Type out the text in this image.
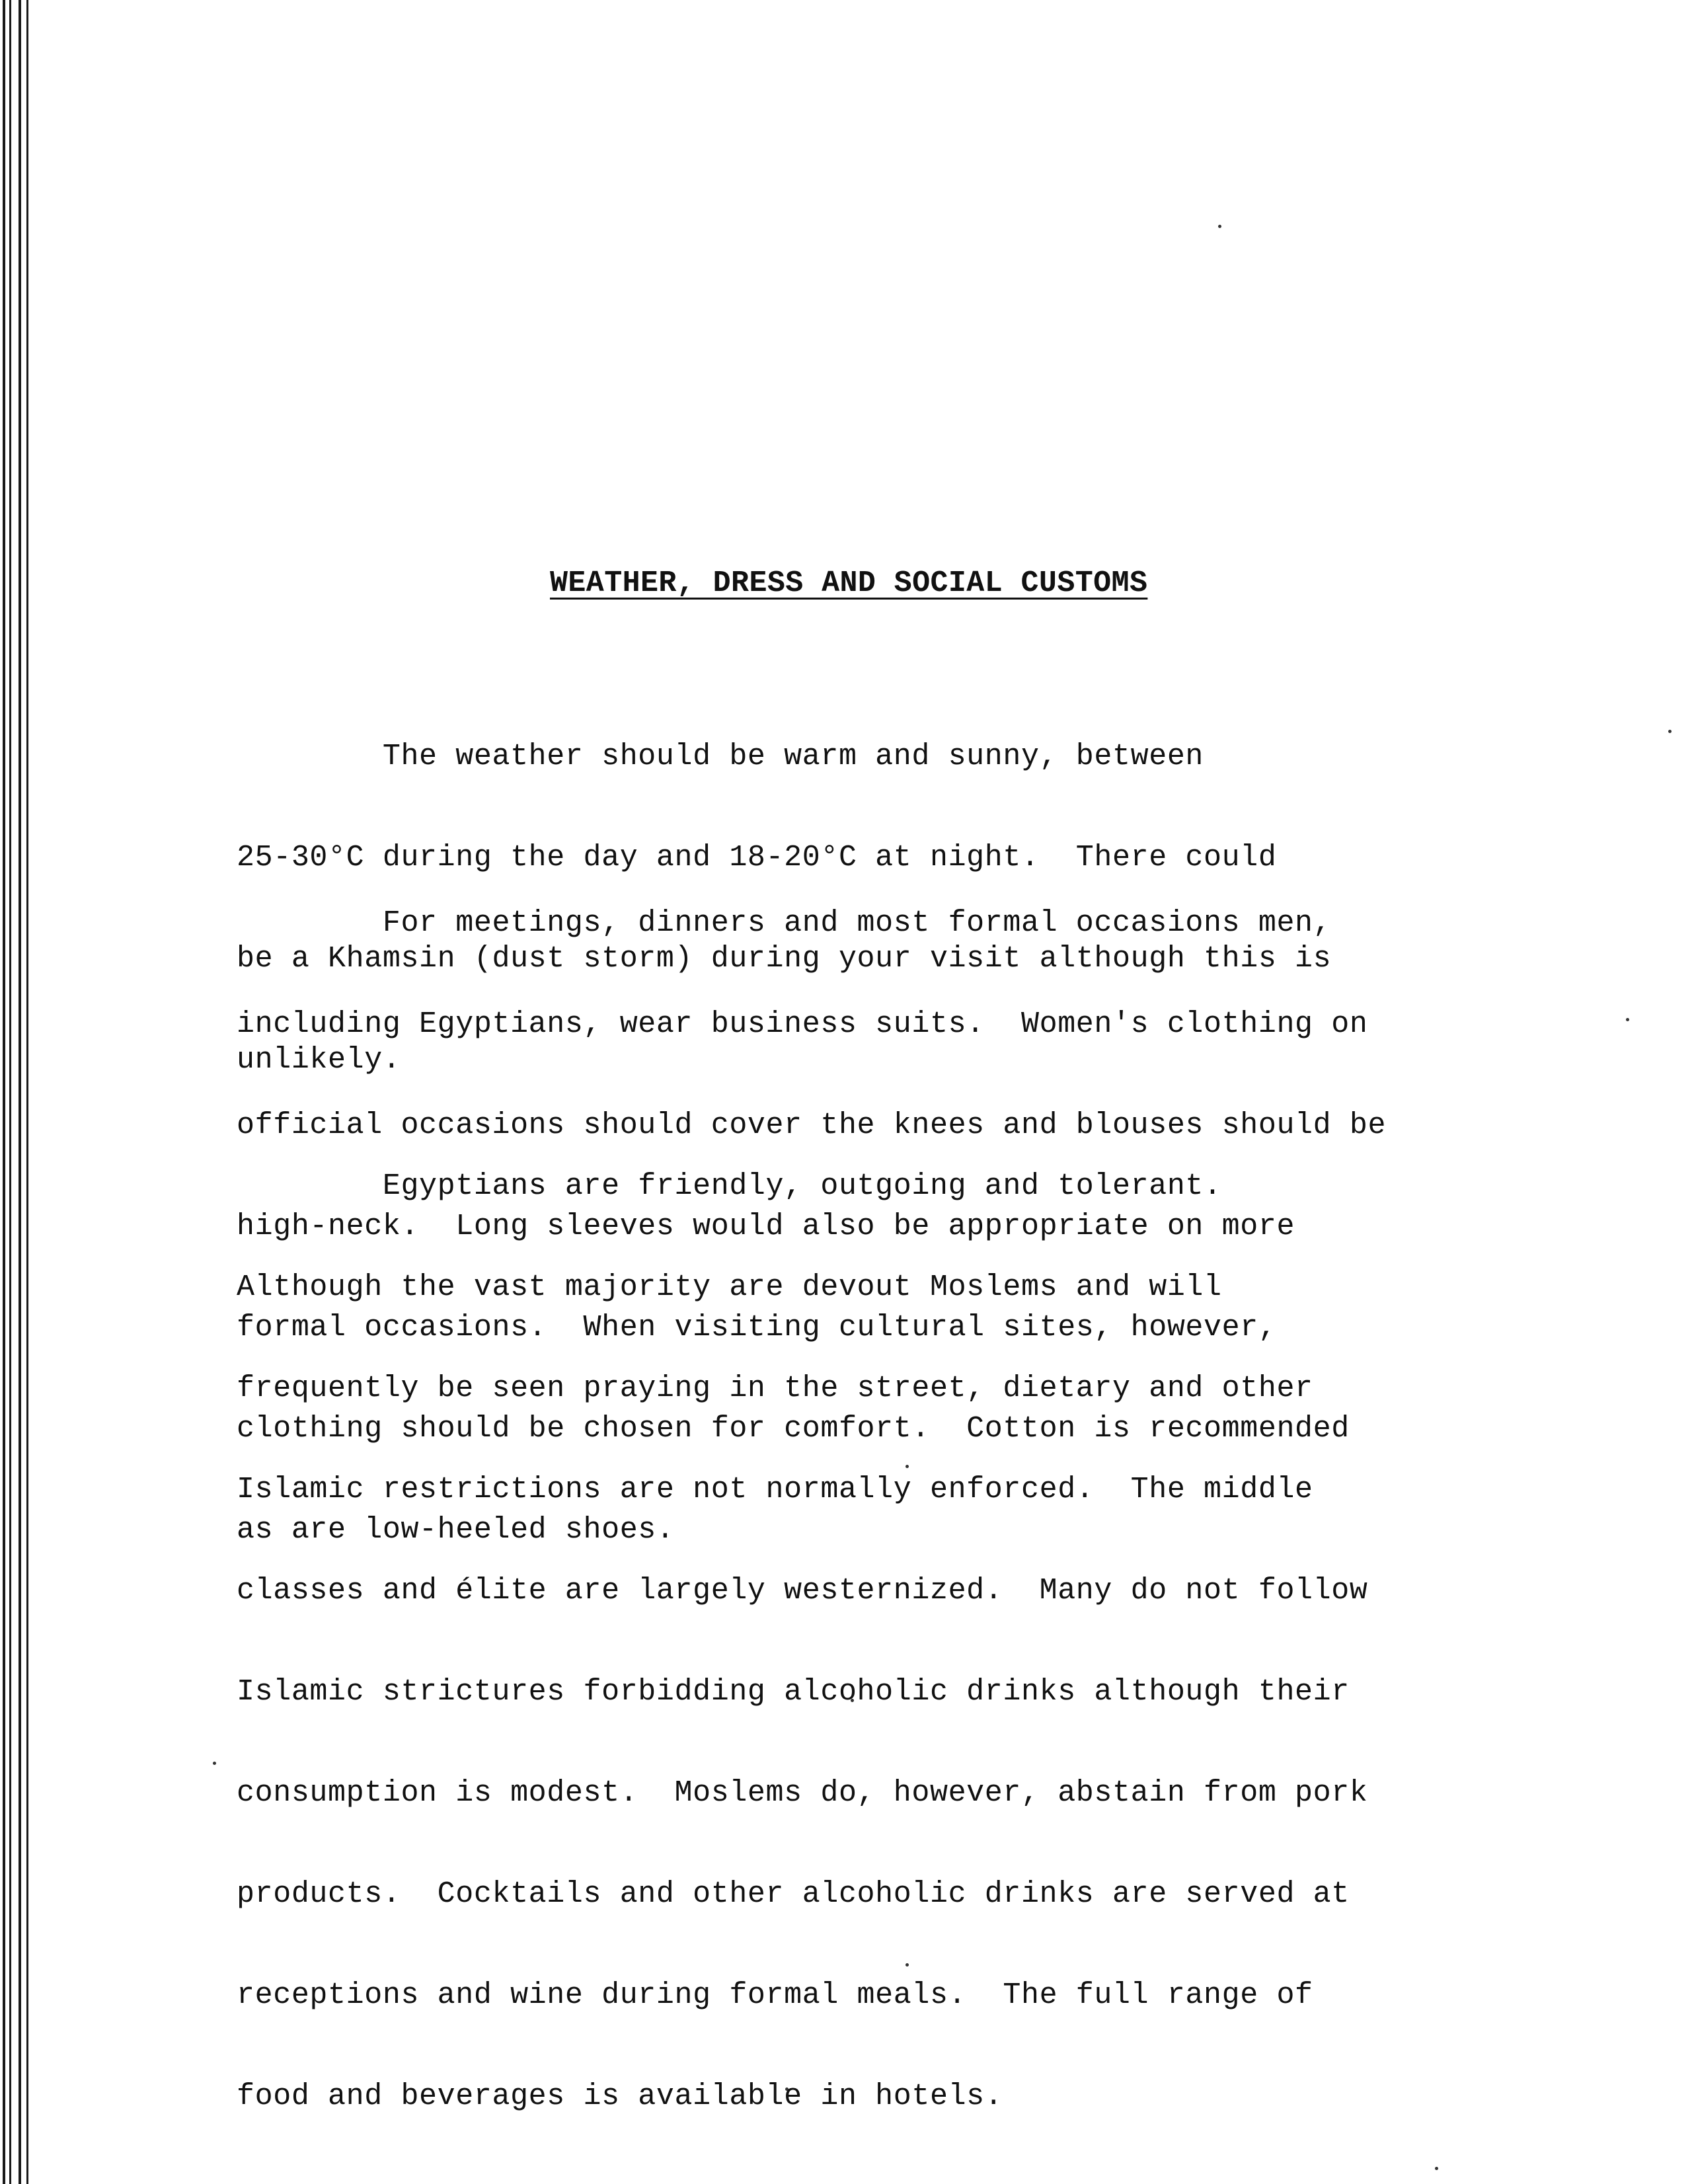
WEATHER, DRESS AND SOCIAL CUSTOMS

The weather should be warm and sunny, between

25-30°C during the day and 18-20°C at night.  There could

be a Khamsin (dust storm) during your visit although this is

unlikely.

For meetings, dinners and most formal occasions men,

including Egyptians, wear business suits.  Women's clothing on

official occasions should cover the knees and blouses should be

high-neck.  Long sleeves would also be appropriate on more

formal occasions.  When visiting cultural sites, however,

clothing should be chosen for comfort.  Cotton is recommended

as are low-heeled shoes.

Egyptians are friendly, outgoing and tolerant.

Although the vast majority are devout Moslems and will

frequently be seen praying in the street, dietary and other

Islamic restrictions are not normally enforced.  The middle

classes and élite are largely westernized.  Many do not follow

Islamic strictures forbidding alcoholic drinks although their

consumption is modest.  Moslems do, however, abstain from pork

products.  Cocktails and other alcoholic drinks are served at

receptions and wine during formal meals.  The full range of

food and beverages is available in hotels.
